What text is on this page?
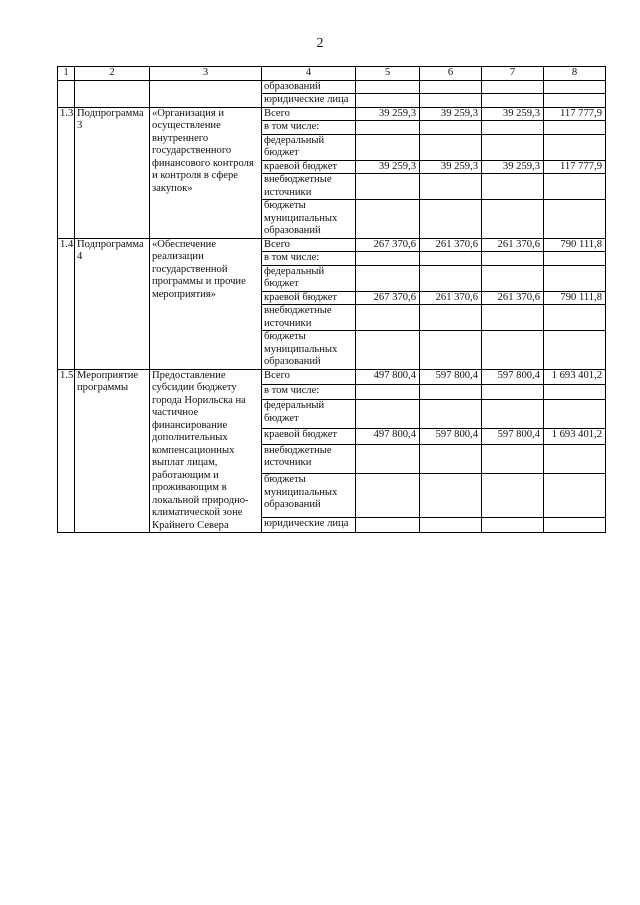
2
1	2	3	4	5	6	7	8
			образований				
			юридические лица				
1.3	Подпрограмма 3	«Организация и осуществление внутреннего государственного финансового контроля и контроля в сфере закупок»	Всего	39 259,3	39 259,3	39 259,3	117 777,9
			в том числе:				
			федеральный бюджет				
			краевой бюджет	39 259,3	39 259,3	39 259,3	117 777,9
			внебюджетные источники				
			бюджеты муниципальных образований				
1.4	Подпрограмма 4	«Обеспечение реализации государственной программы и прочие мероприятия»	Всего	267 370,6	261 370,6	261 370,6	790 111,8
			в том числе:				
			федеральный бюджет				
			краевой бюджет	267 370,6	261 370,6	261 370,6	790 111,8
			внебюджетные источники				
			бюджеты муниципальных образований				
1.5	Мероприятие программы	Предоставление субсидии бюджету города Норильска на частичное финансирование дополнительных компенсационных выплат лицам, работающим и проживающим в локальной природно-климатической зоне Крайнего Севера	Всего	497 800,4	597 800,4	597 800,4	1 693 401,2
			в том числе:				
			федеральный бюджет				
			краевой бюджет	497 800,4	597 800,4	597 800,4	1 693 401,2
			внебюджетные источники				
			бюджеты муниципальных образований				
			юридические лица				
